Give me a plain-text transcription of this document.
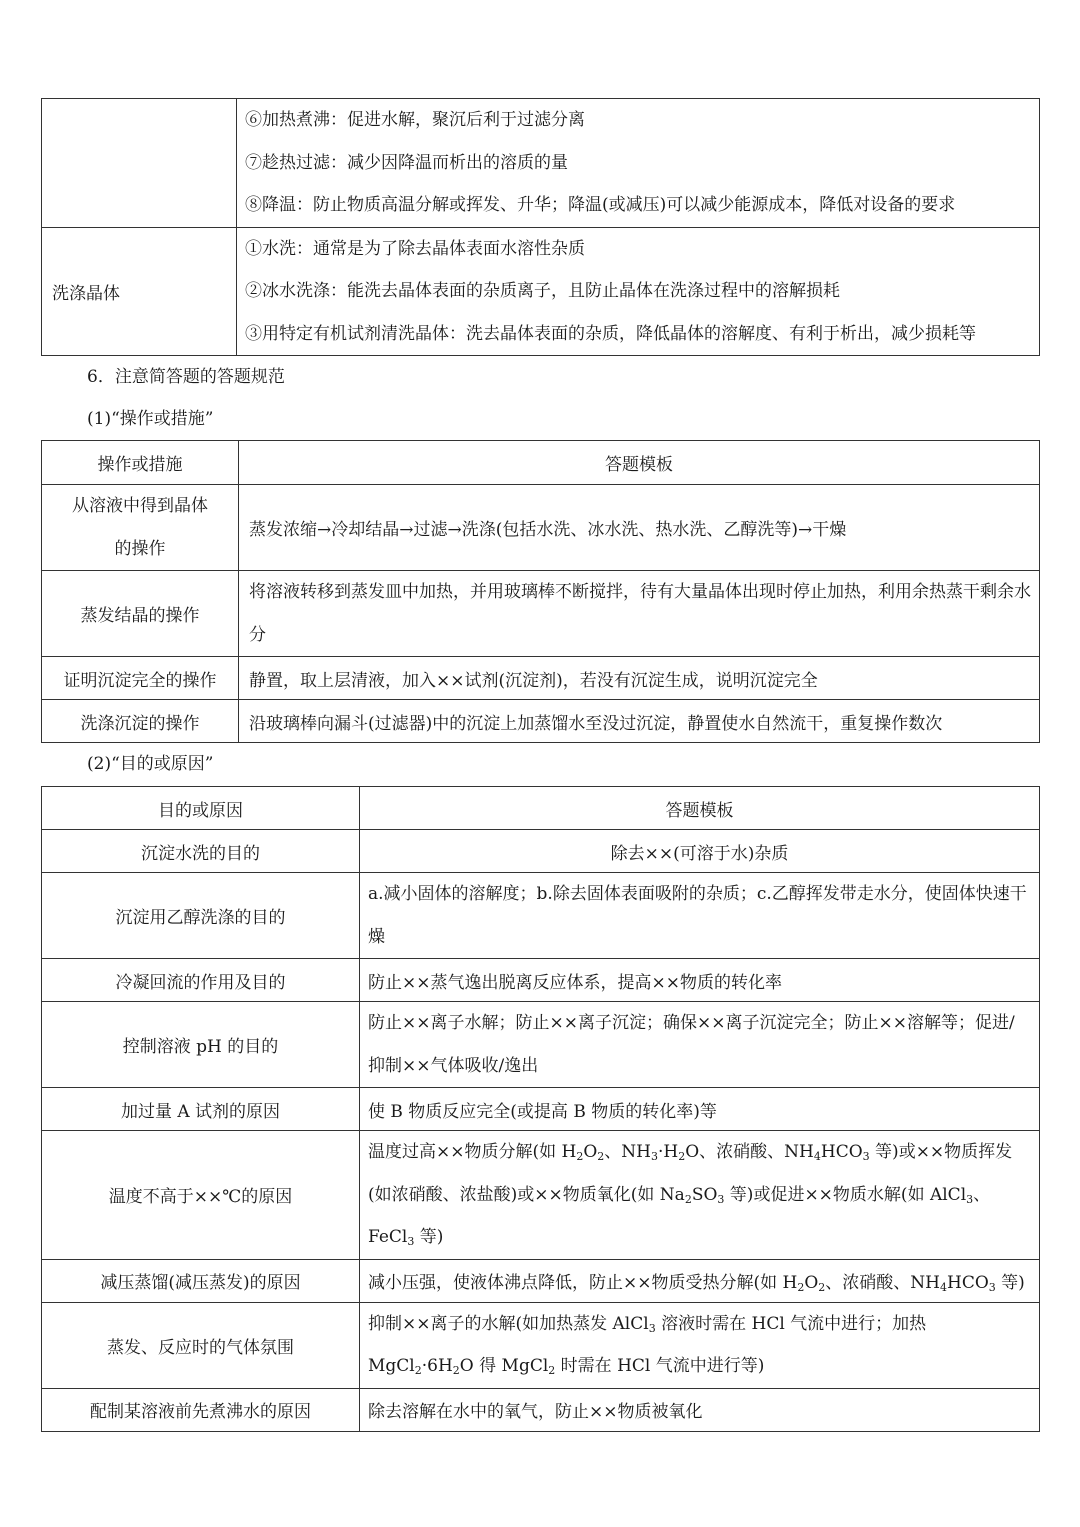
	⑥加热煮沸：促进水解，聚沉后利于过滤分离
⑦趁热过滤：减少因降温而析出的溶质的量
⑧降温：防止物质高温分解或挥发、升华；降温(或减压)可以减少能源成本，降低对设备的要求

洗涤晶体	①水洗：通常是为了除去晶体表面水溶性杂质
②冰水洗涤：能洗去晶体表面的杂质离子，且防止晶体在洗涤过程中的溶解损耗
③用特定有机试剂清洗晶体：洗去晶体表面的杂质，降低晶体的溶解度、有利于析出，减少损耗等
6．注意简答题的答题规范
(1)“操作或措施”
操作或措施	答题模板
从溶液中得到晶体的操作	蒸发浓缩→冷却结晶→过滤→洗涤(包括水洗、冰水洗、热水洗、乙醇洗等)→干燥
蒸发结晶的操作	将溶液转移到蒸发皿中加热，并用玻璃棒不断搅拌，待有大量晶体出现时停止加热，利用余热蒸干剩余水分
证明沉淀完全的操作	静置，取上层清液，加入××试剂(沉淀剂)，若没有沉淀生成，说明沉淀完全
洗涤沉淀的操作	沿玻璃棒向漏斗(过滤器)中的沉淀上加蒸馏水至没过沉淀，静置使水自然流干，重复操作数次
(2)“目的或原因”
目的或原因	答题模板
沉淀水洗的目的	除去××(可溶于水)杂质
沉淀用乙醇洗涤的目的	a.减小固体的溶解度；b.除去固体表面吸附的杂质；c.乙醇挥发带走水分，使固体快速干燥
冷凝回流的作用及目的	防止××蒸气逸出脱离反应体系，提高××物质的转化率
控制溶液 pH 的目的	防止××离子水解；防止××离子沉淀；确保××离子沉淀完全；防止××溶解等；促进/抑制××气体吸收/逸出
加过量 A 试剂的原因	使 B 物质反应完全(或提高 B 物质的转化率)等
温度不高于××℃的原因	温度过高××物质分解(如 $H_2O_2$、$NH_3\cdot H_2O$、浓硝酸、$NH_4HCO_3$ 等)或××物质挥发(如浓硝酸、浓盐酸)或××物质氧化(如 $Na_2SO_3$ 等)或促进××物质水解(如 AlCl$_3$、FeCl$_3$ 等)
减压蒸馏(减压蒸发)的原因	减小压强，使液体沸点降低，防止××物质受热分解(如 $H_2O_2$、浓硝酸、$NH_4HCO_3$ 等)
蒸发、反应时的气体氛围	抑制××离子的水解(如加热蒸发 AlCl$_3$ 溶液时需在 HCl 气流中进行；加热 $MgCl_2\cdot 6H_2O$ 得 MgCl$_2$ 时需在 HCl 气流中进行等)
配制某溶液前先煮沸水的原因	除去溶解在水中的氧气，防止××物质被氧化
